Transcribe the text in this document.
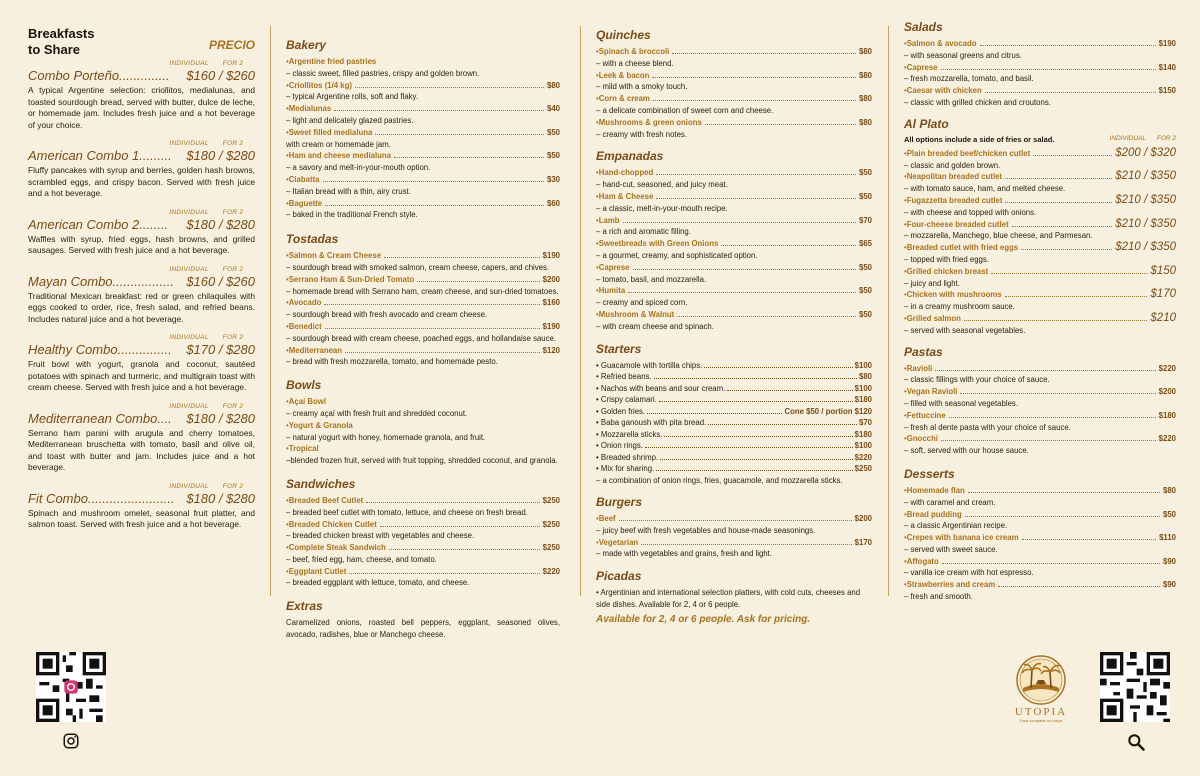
Breakfasts
to Share	PRECIO
INDIVIDUAL FOR 2
Combo Porteño.............. $160 / $260
A typical Argentine selection: criollitos, medialunas, and toasted sourdough bread, served with butter, dulce de leche, or homemade jam. Includes fresh juice and a hot beverage of your choice.
INDIVIDUAL FOR 2
American Combo 1......... $180 / $280
Fluffy pancakes with syrup and berries, golden hash browns, scrambled eggs, and crispy bacon. Served with fresh juice and a hot beverage.
INDIVIDUAL FOR 2
American Combo 2........ $180 / $280
Waffles with syrup, fried eggs, hash browns, and grilled sausages. Served with fresh juice and a hot beverage.
INDIVIDUAL FOR 2
Mayan Combo................. $160 / $260
Traditional Mexican breakfast: red or green chilaquiles with eggs cooked to order, rice, fresh salad, and refried beans. Includes natural juice and a hot beverage.
INDIVIDUAL FOR 2
Healthy Combo............... $170 / $280
Fruit bowl with yogurt, granola and coconut, sautéed potatoes with spinach and turmeric, and multigrain toast with cream cheese. Served with fresh juice and a hot beverage.
INDIVIDUAL FOR 2
Mediterranean Combo.... $180 / $280
Serrano ham panini with arugula and cherry tomatoes, Mediterranean bruschetta with tomato, basil and olive oil, and toast with butter and jam. Includes juice and a hot beverage.
INDIVIDUAL FOR 2
Fit Combo........................ $180 / $280
Spinach and mushroom omelet, seasonal fruit platter, and salmon toast. Served with fresh juice and a hot beverage.
Bakery
• Argentine fried pastries
– classic sweet, filled pastries, crispy and golden brown.
• Criollitos (1/4 kg)	$80
– typical Argentine rolls, soft and flaky.
• Medialunas	$40
– light and delicately glazed pastries.
• Sweet filled medialuna	$50
with cream or homemade jam.
• Ham and cheese medialuna	$50
– a savory and melt-in-your-mouth option.
• Ciabatta	$30
– Italian bread with a thin, airy crust.
• Baguette	$60
– baked in the traditional French style.
Tostadas
• Salmon & Cream Cheese	$190
– sourdough bread with smoked salmon, cream cheese, capers, and chives.
• Serrano Ham & Sun-Dried Tomato	$200
– homemade bread with Serrano ham, cream cheese, and sun-dried tomatoes.
• Avocado	$160
– sourdough bread with fresh avocado and cream cheese.
• Benedict	$190
– sourdough bread with cream cheese, poached eggs, and hollandaise sauce.
• Mediterranean	$120
– bread with fresh mozzarella, tomato, and homemade pesto.
Bowls
• Açaí Bowl
– creamy açaí with fresh fruit and shredded coconut.
• Yogurt & Granola
– natural yogurt with honey, homemade granola, and fruit.
• Tropical
–blended frozen fruit, served with fruit topping, shredded coconut, and granola.
Sandwiches
• Breaded Beef Cutlet	$250
– breaded beef cutlet with tomato, lettuce, and cheese on fresh bread.
• Breaded Chicken Cutlet	$250
– breaded chicken breast with vegetables and cheese.
• Complete Steak Sandwich	$250
– beef, fried egg, ham, cheese, and tomato.
• Eggplant Cutlet	$220
– breaded eggplant with lettuce, tomato, and cheese.
Extras
Caramelized onions, roasted bell peppers, eggplant, seasoned olives, avocado, radishes, blue or Manchego cheese.
Quinches
• Spinach & broccoli	$80
– with a cheese blend.
• Leek & bacon	$80
– mild with a smoky touch.
• Corn & cream	$80
– a delicate combination of sweet corn and cheese.
• Mushrooms & green onions	$80
– creamy with fresh notes.
Empanadas
• Hand-chopped	$50
– hand-cut, seasoned, and juicy meat.
• Ham & Cheese	$50
– a classic, melt-in-your-mouth recipe.
• Lamb	$70
– a rich and aromatic filling.
• Sweetbreads with Green Onions	$65
– a gourmet, creamy, and sophisticated option.
• Caprese	$50
– tomato, basil, and mozzarella.
• Humita	$50
– creamy and spiced corn.
• Mushroom & Walnut	$50
– with cream cheese and spinach.
Starters
• Guacamole with tortilla chips.	$100
• Refried beans.	$80
• Nachos with beans and sour cream.	$100
• Crispy calamari.	$180
• Golden fries.	Cone $50 / portion $120
• Baba ganoush with pita bread.	$70
• Mozzarella sticks.	$180
• Onion rings.	$100
• Breaded shrimp.	$220
• Mix for sharing.	$250
– a combination of onion rings, fries, guacamole, and mozzarella sticks.
Burgers
• Beef	$200
– juicy beef with fresh vegetables and house-made seasonings.
• Vegetarian	$170
– made with vegetables and grains, fresh and light.
Picadas
• Argentinian and international selection platters, with cold cuts, cheeses and side dishes. Available for 2, 4 or 6 people.
Available for 2, 4 or 6 people. Ask for pricing.
Salads
• Salmon & avocado	$190
– with seasonal greens and citrus.
• Caprese	$140
– fresh mozzarella, tomato, and basil.
• Caesar with chicken	$150
– classic with grilled chicken and croutons.
Al Plato
All options include a side of fries or salad.	INDIVIDUAL FOR 2
• Plain breaded beef/chicken cutlet	$200 / $320
– classic and golden brown.
• Neapolitan breaded cutlet	$210 / $350
– with tomato sauce, ham, and melted cheese.
• Fugazzetta breaded cutlet	$210 / $350
– with cheese and topped with onions.
• Four-cheese breaded cutlet	$210 / $350
– mozzarella, Manchego, blue cheese, and Parmesan.
• Breaded cutlet with fried eggs	$210 / $350
– topped with fried eggs.
• Grilled chicken breast	$150
– juicy and light.
• Chicken with mushrooms	$170
– in a creamy mushroom sauce.
• Grilled salmon	$210
– served with seasonal vegetables.
Pastas
• Ravioli	$220
– classic fillings with your choice of sauce.
• Vegan Ravioli	$200
– filled with seasonal vegetables.
• Fettuccine	$180
– fresh al dente pasta with your choice of sauce.
• Gnocchi	$220
– soft, served with our house sauce.
Desserts
• Homemade flan	$80
– with caramel and cream.
• Bread pudding	$50
– a classic Argentinian recipe.
• Crepes with banana ice cream	$110
– served with sweet sauce.
• Affogato	$90
– vanilla ice cream with hot espresso.
• Strawberries and cream	$90
– fresh and smooth.
UTOPIA
Para compartir es mejor
